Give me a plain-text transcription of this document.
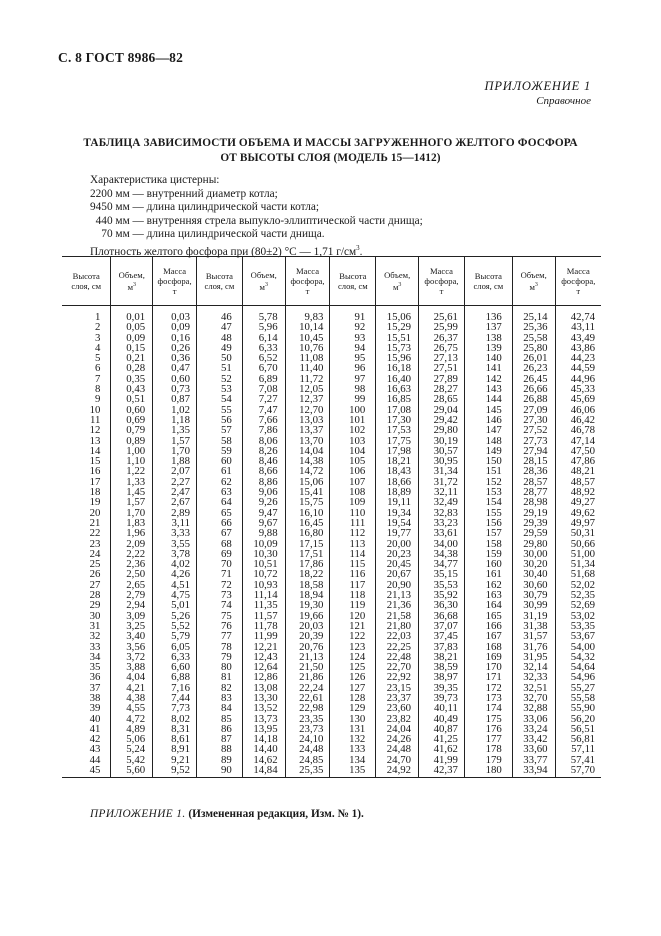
С. 8 ГОСТ 8986—82
ПРИЛОЖЕНИЕ 1
Справочное
ТАБЛИЦА ЗАВИСИМОСТИ ОБЪЕМА И МАССЫ ЗАГРУЖЕННОГО ЖЕЛТОГО ФОСФОРА
ОТ ВЫСОТЫ СЛОЯ (МОДЕЛЬ 15—1412)
Характеристика цистерны:
2200 мм — внутренний диаметр котла;
9450 мм — длина цилиндрической части котла;
440 мм — внутренняя стрела выпукло-эллиптической части днища;
70 мм — длина цилиндрической части днища.
Плотность желтого фосфора при (80±2) °С — 1,71 $г/см^3$.
Высота
слоя, см	Объем,
$м^3$	Масса
фосфора,
т	Высота
слоя, см	Объем,
$м^3$	Масса
фосфора,
т	Высота
слоя, см	Объем,
$м^3$	Масса
фосфора,
т	Высота
слоя, см	Объем,
$м^3$	Масса
фосфора,
т
1	0,01	0,03	46	5,78	9,83	91	15,06	25,61	136	25,14	42,74
2	0,05	0,09	47	5,96	10,14	92	15,29	25,99	137	25,36	43,11
3	0,09	0,16	48	6,14	10,45	93	15,51	26,37	138	25,58	43,49
4	0,15	0,26	49	6,33	10,76	94	15,73	26,75	139	25,80	43,86
5	0,21	0,36	50	6,52	11,08	95	15,96	27,13	140	26,01	44,23
6	0,28	0,47	51	6,70	11,40	96	16,18	27,51	141	26,23	44,59
7	0,35	0,60	52	6,89	11,72	97	16,40	27,89	142	26,45	44,96
8	0,43	0,73	53	7,08	12,05	98	16,63	28,27	143	26,66	45,33
9	0,51	0,87	54	7,27	12,37	99	16,85	28,65	144	26,88	45,69
10	0,60	1,02	55	7,47	12,70	100	17,08	29,04	145	27,09	46,06
11	0,69	1,18	56	7,66	13,03	101	17,30	29,42	146	27,30	46,42
12	0,79	1,35	57	7,86	13,37	102	17,53	29,80	147	27,52	46,78
13	0,89	1,57	58	8,06	13,70	103	17,75	30,19	148	27,73	47,14
14	1,00	1,70	59	8,26	14,04	104	17,98	30,57	149	27,94	47,50
15	1,10	1,88	60	8,46	14,38	105	18,21	30,95	150	28,15	47,86
16	1,22	2,07	61	8,66	14,72	106	18,43	31,34	151	28,36	48,21
17	1,33	2,27	62	8,86	15,06	107	18,66	31,72	152	28,57	48,57
18	1,45	2,47	63	9,06	15,41	108	18,89	32,11	153	28,77	48,92
19	1,57	2,67	64	9,26	15,75	109	19,11	32,49	154	28,98	49,27
20	1,70	2,89	65	9,47	16,10	110	19,34	32,83	155	29,19	49,62
21	1,83	3,11	66	9,67	16,45	111	19,54	33,23	156	29,39	49,97
22	1,96	3,33	67	9,88	16,80	112	19,77	33,61	157	29,59	50,31
23	2,09	3,55	68	10,09	17,15	113	20,00	34,00	158	29,80	50,66
24	2,22	3,78	69	10,30	17,51	114	20,23	34,38	159	30,00	51,00
25	2,36	4,02	70	10,51	17,86	115	20,45	34,77	160	30,20	51,34
26	2,50	4,26	71	10,72	18,22	116	20,67	35,15	161	30,40	51,68
27	2,65	4,51	72	10,93	18,58	117	20,90	35,53	162	30,60	52,02
28	2,79	4,75	73	11,14	18,94	118	21,13	35,92	163	30,79	52,35
29	2,94	5,01	74	11,35	19,30	119	21,36	36,30	164	30,99	52,69
30	3,09	5,26	75	11,57	19,66	120	21,58	36,68	165	31,19	53,02
31	3,25	5,52	76	11,78	20,03	121	21,80	37,07	166	31,38	53,35
32	3,40	5,79	77	11,99	20,39	122	22,03	37,45	167	31,57	53,67
33	3,56	6,05	78	12,21	20,76	123	22,25	37,83	168	31,76	54,00
34	3,72	6,33	79	12,43	21,13	124	22,48	38,21	169	31,95	54,32
35	3,88	6,60	80	12,64	21,50	125	22,70	38,59	170	32,14	54,64
36	4,04	6,88	81	12,86	21,86	126	22,92	38,97	171	32,33	54,96
37	4,21	7,16	82	13,08	22,24	127	23,15	39,35	172	32,51	55,27
38	4,38	7,44	83	13,30	22,61	128	23,37	39,73	173	32,70	55,58
39	4,55	7,73	84	13,52	22,98	129	23,60	40,11	174	32,88	55,90
40	4,72	8,02	85	13,73	23,35	130	23,82	40,49	175	33,06	56,20
41	4,89	8,31	86	13,95	23,73	131	24,04	40,87	176	33,24	56,51
42	5,06	8,61	87	14,18	24,10	132	24,26	41,25	177	33,42	56,81
43	5,24	8,91	88	14,40	24,48	133	24,48	41,62	178	33,60	57,11
44	5,42	9,21	89	14,62	24,85	134	24,70	41,99	179	33,77	57,41
45	5,60	9,52	90	14,84	25,35	135	24,92	42,37	180	33,94	57,70
ПРИЛОЖЕНИЕ 1. (Измененная редакция, Изм. № 1).
